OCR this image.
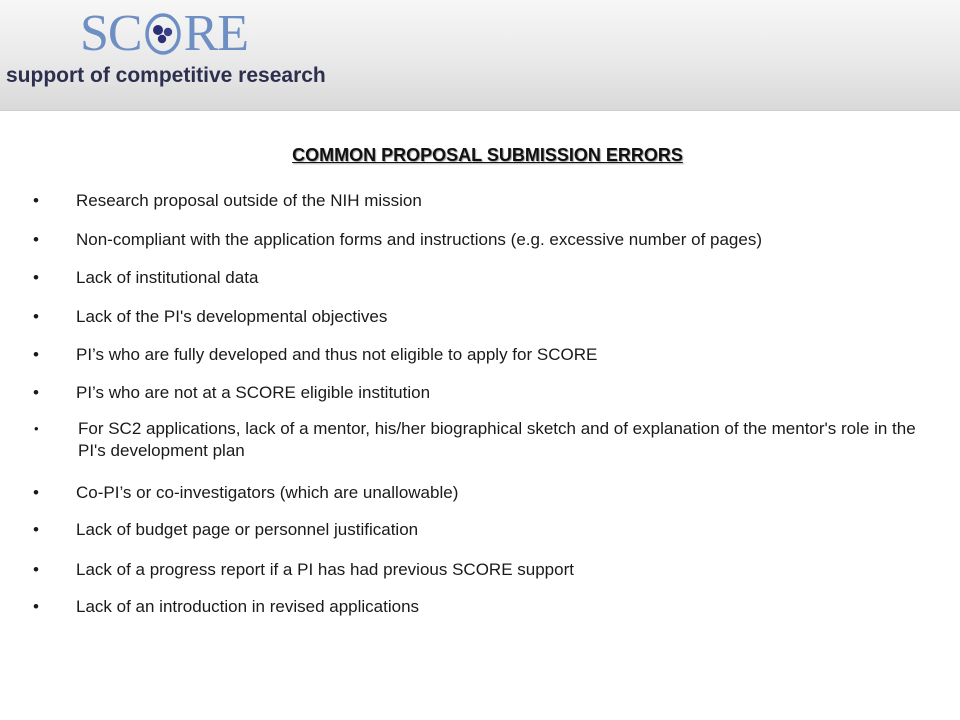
SC RE
support of competitive research
COMMON PROPOSAL SUBMISSION ERRORS
• Research proposal outside of the NIH mission
• Non-compliant with the application forms and instructions (e.g. excessive number of pages)
• Lack of institutional data
• Lack of the PI's developmental objectives
• PI’s who are fully developed and thus not eligible to apply for SCORE
• PI’s who are not at a SCORE eligible institution
• For SC2 applications, lack of a mentor, his/her biographical sketch and of explanation of the mentor's role in the PI's development plan
• Co-PI’s or co-investigators (which are unallowable)
• Lack of budget page or personnel justification
• Lack of a progress report if a PI has had previous SCORE support
• Lack of an introduction in revised applications
